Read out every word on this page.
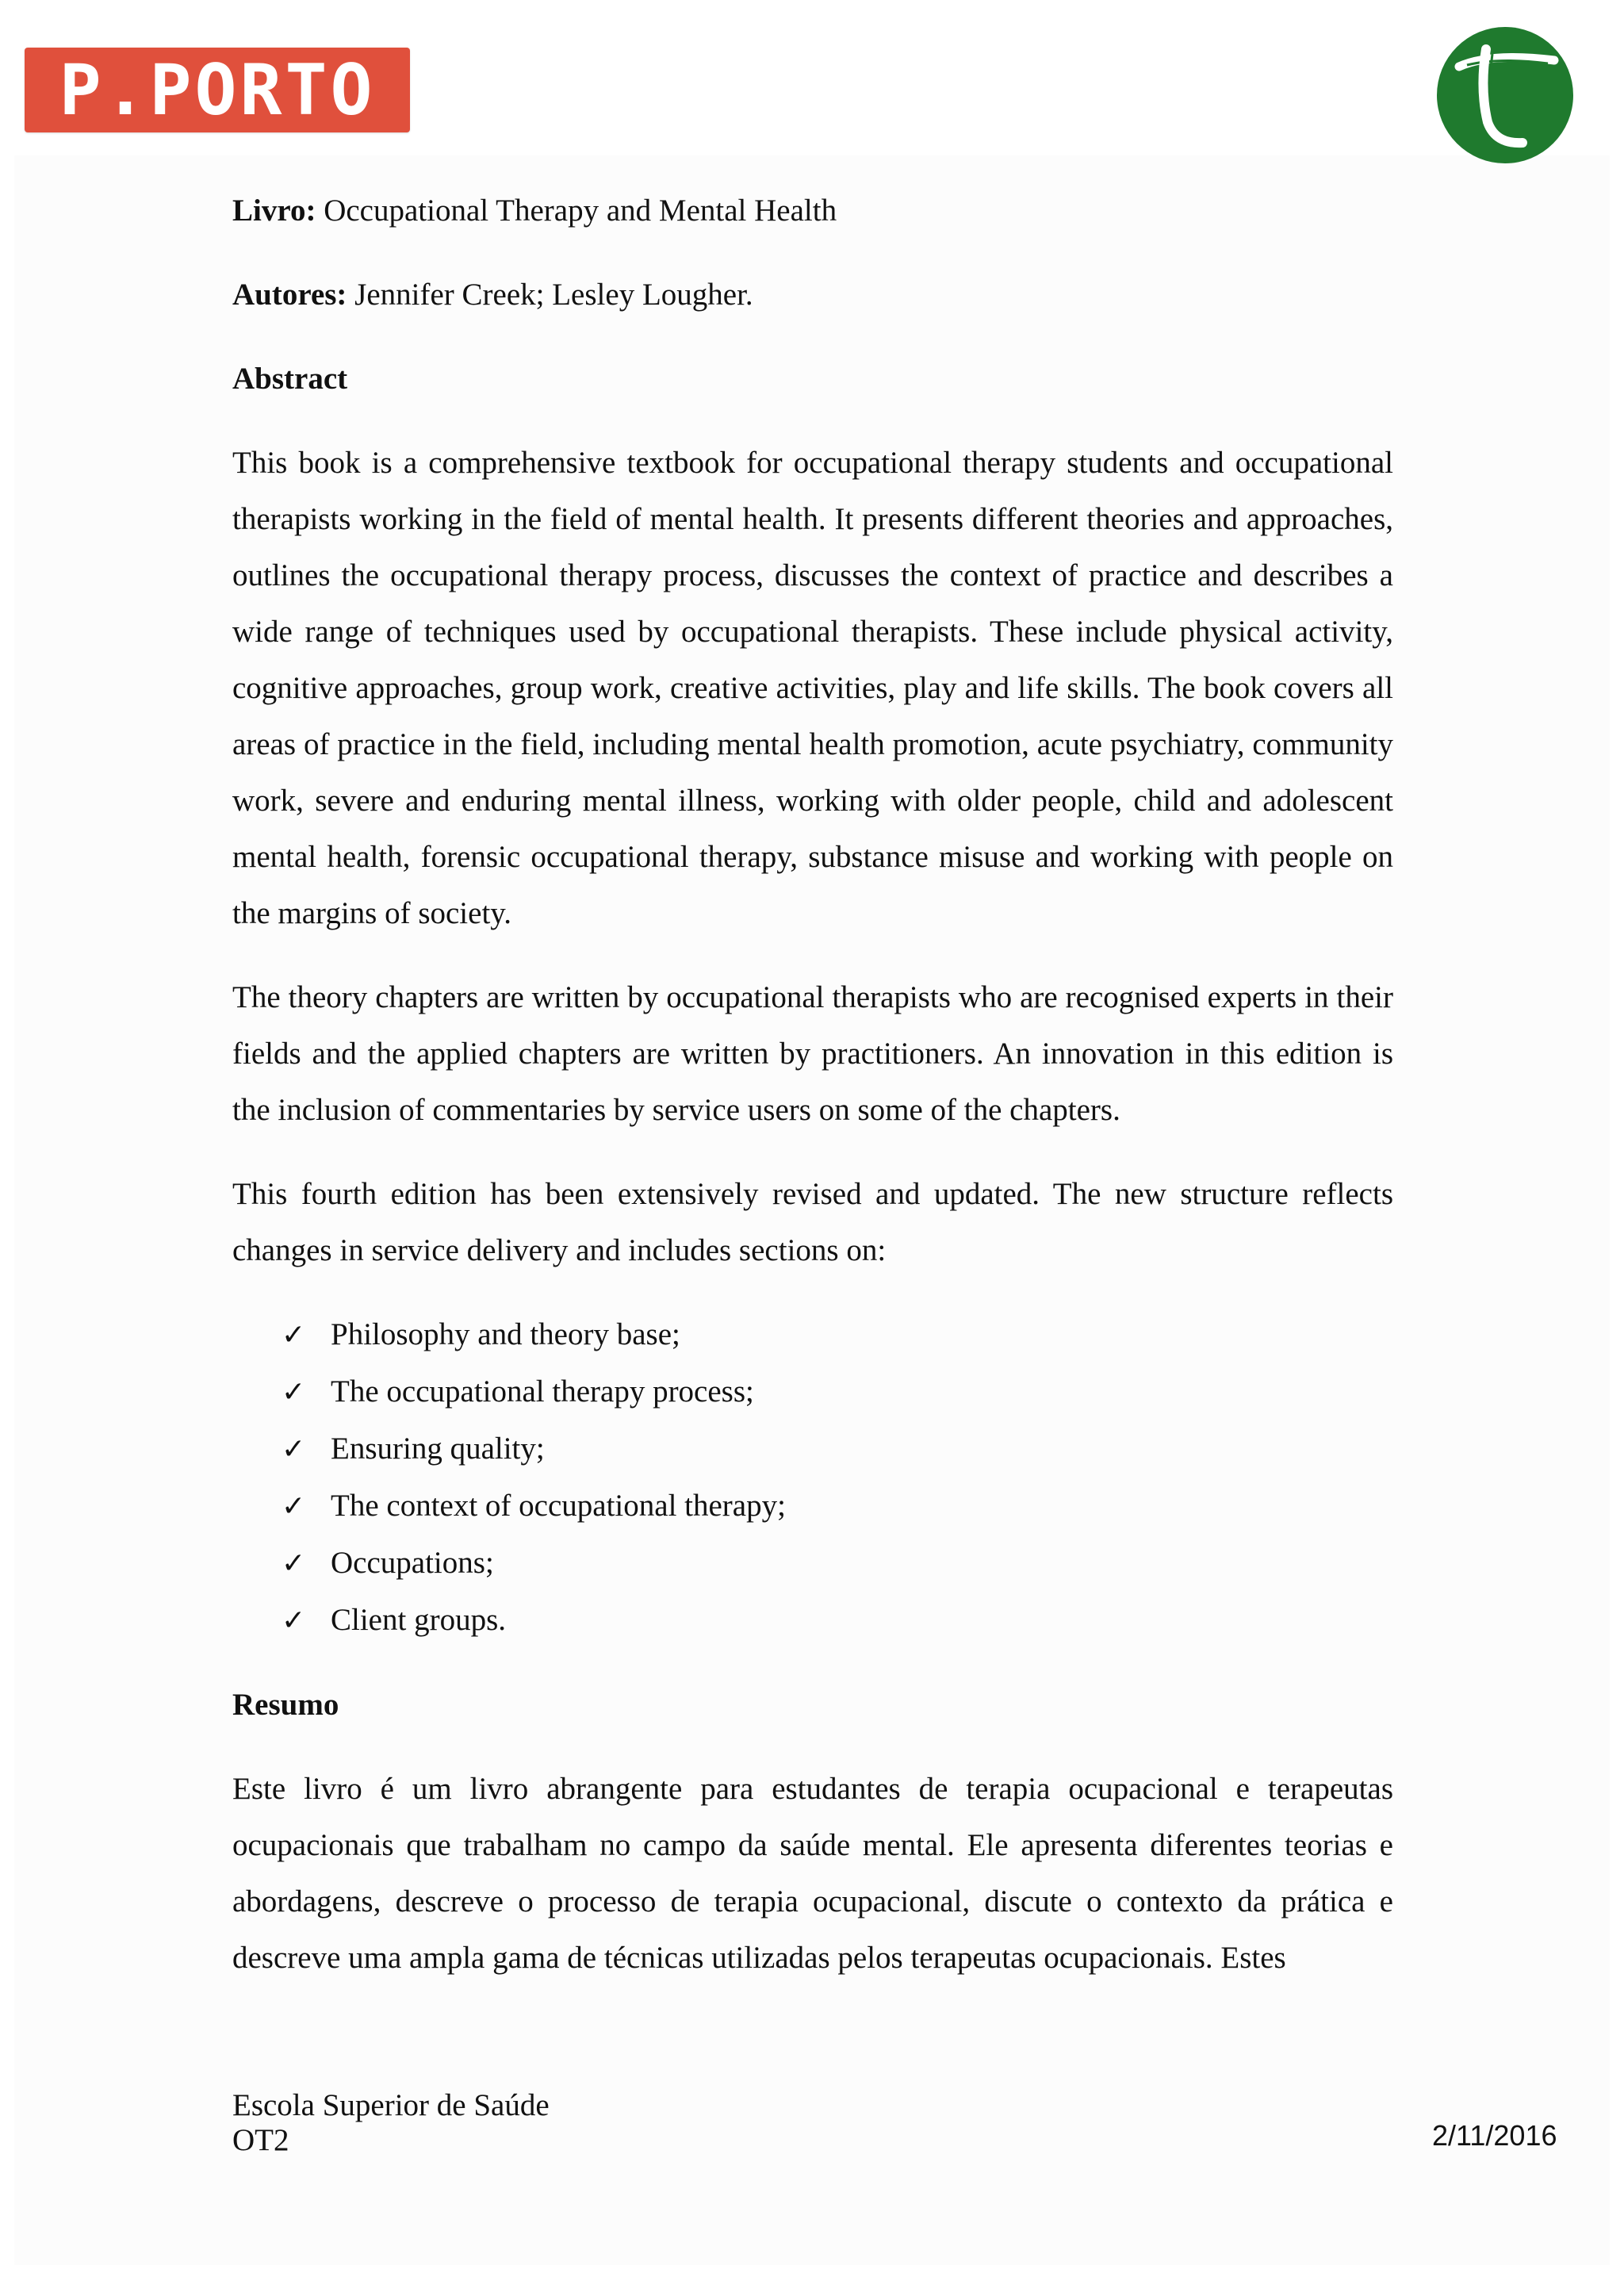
P.PORTO

Livro: Occupational Therapy and Mental Health

Autores: Jennifer Creek; Lesley Lougher.

Abstract

This book is a comprehensive textbook for occupational therapy students and occupational therapists working in the field of mental health. It presents different theories and approaches, outlines the occupational therapy process, discusses the context of practice and describes a wide range of techniques used by occupational therapists. These include physical activity, cognitive approaches, group work, creative activities, play and life skills. The book covers all areas of practice in the field, including mental health promotion, acute psychiatry, community work, severe and enduring mental illness, working with older people, child and adolescent mental health, forensic occupational therapy, substance misuse and working with people on the margins of society.

The theory chapters are written by occupational therapists who are recognised experts in their fields and the applied chapters are written by practitioners. An innovation in this edition is the inclusion of commentaries by service users on some of the chapters.

This fourth edition has been extensively revised and updated. The new structure reflects changes in service delivery and includes sections on:

✓ Philosophy and theory base;
✓ The occupational therapy process;
✓ Ensuring quality;
✓ The context of occupational therapy;
✓ Occupations;
✓ Client groups.

Resumo

Este livro é um livro abrangente para estudantes de terapia ocupacional e terapeutas ocupacionais que trabalham no campo da saúde mental. Ele apresenta diferentes teorias e abordagens, descreve o processo de terapia ocupacional, discute o contexto da prática e descreve uma ampla gama de técnicas utilizadas pelos terapeutas ocupacionais. Estes

Escola Superior de Saúde
OT2	2/11/2016
